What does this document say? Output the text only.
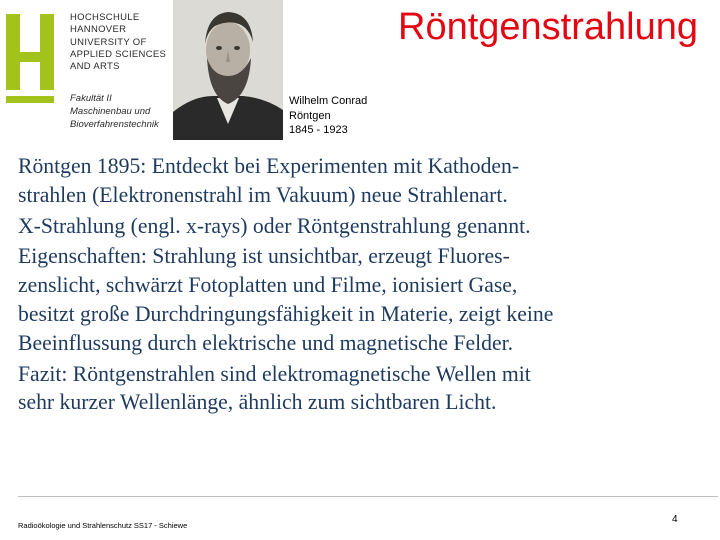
HOCHSCHULE
HANNOVER
UNIVERSITY OF
APPLIED SCIENCES
AND ARTS
Fakultät II
Maschinenbau und
Bioverfahrenstechnik
Röntgenstrahlung
Wilhelm Conrad
Röntgen
1845 - 1923
Röntgen 1895: Entdeckt bei Experimenten mit Kathoden-
strahlen (Elektronenstrahl im Vakuum) neue Strahlenart.
X-Strahlung (engl. x-rays) oder Röntgenstrahlung genannt.
Eigenschaften: Strahlung ist unsichtbar, erzeugt Fluores-
zenslicht, schwärzt Fotoplatten und Filme, ionisiert Gase,
besitzt große Durchdringungsfähigkeit in Materie, zeigt keine
Beeinflussung durch elektrische und magnetische Felder.
Fazit: Röntgenstrahlen sind elektromagnetische Wellen mit
sehr kurzer Wellenlänge, ähnlich zum sichtbaren Licht.
Radioökologie und Strahlenschutz SS17 - Schiewe
4
